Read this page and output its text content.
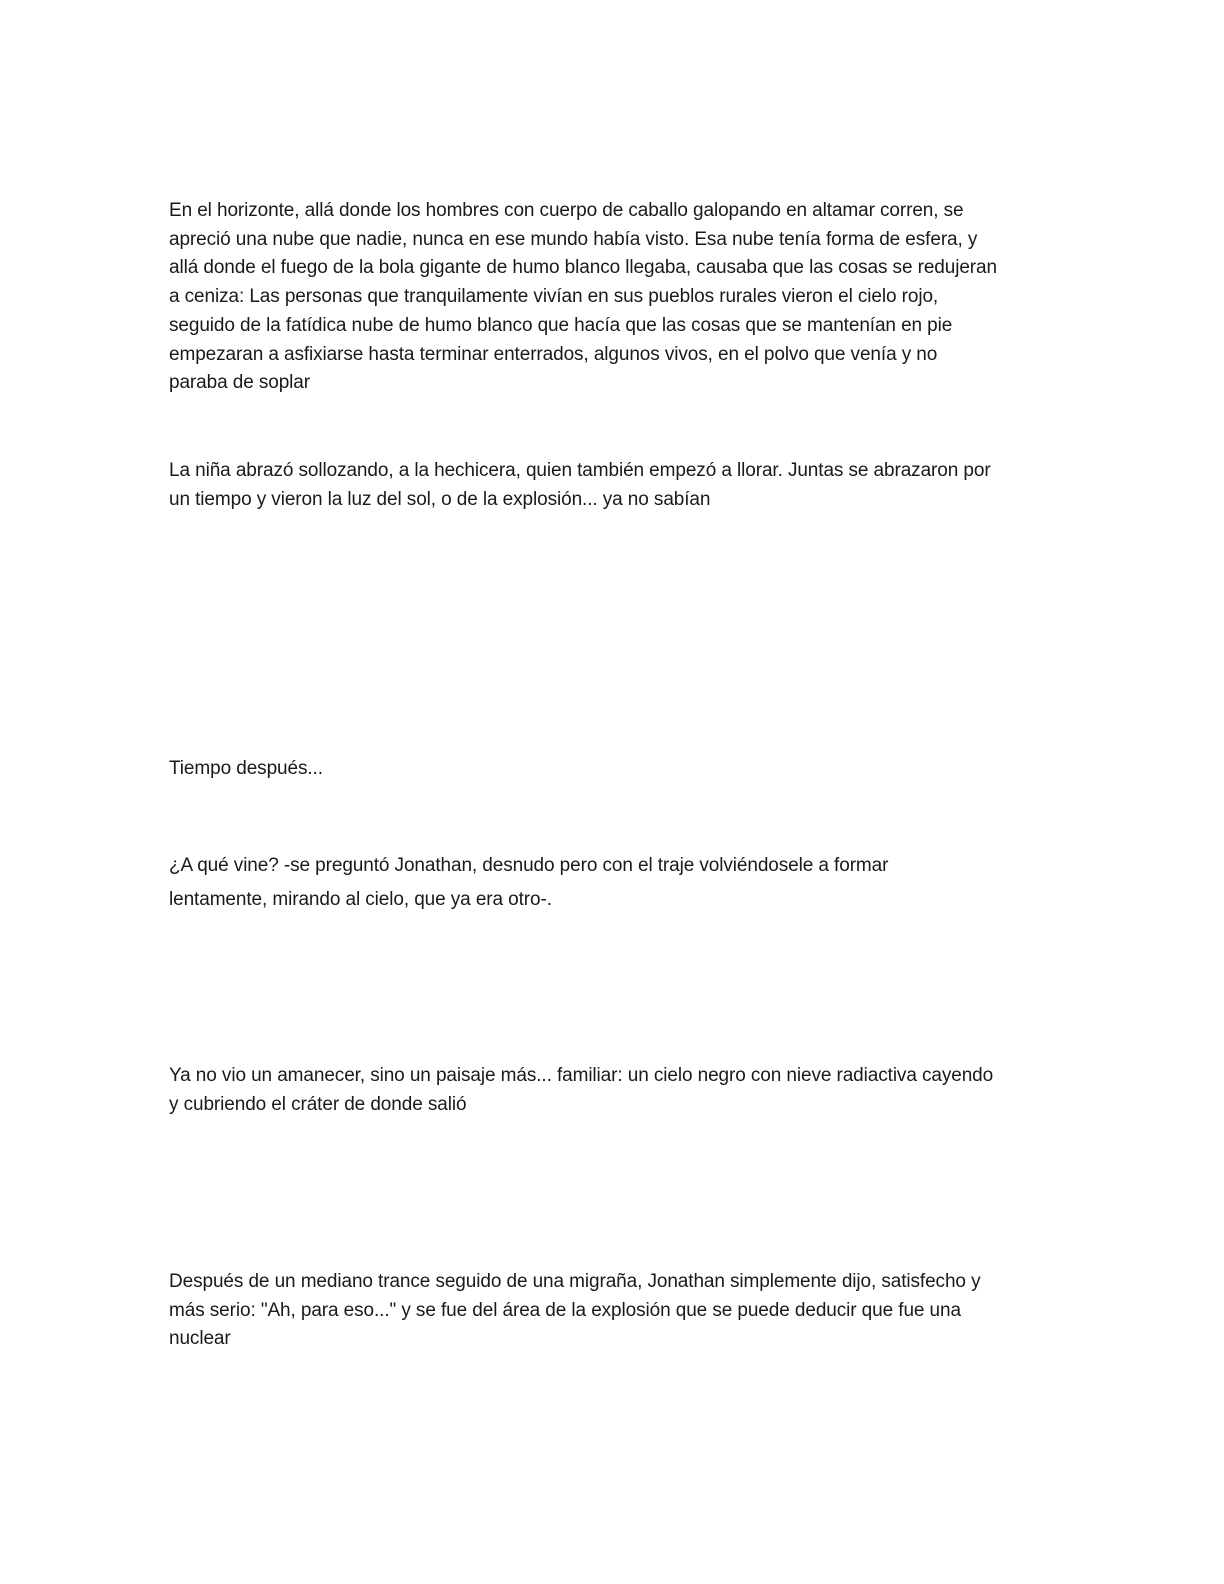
En el horizonte, allá donde los hombres con cuerpo de caballo galopando en altamar corren, se
apreció una nube que nadie, nunca en ese mundo había visto. Esa nube tenía forma de esfera, y
allá donde el fuego de la bola gigante de humo blanco llegaba, causaba que las cosas se redujeran
a ceniza: Las personas que tranquilamente vivían en sus pueblos rurales vieron el cielo rojo,
seguido de la fatídica nube de humo blanco que hacía que las cosas que se mantenían en pie
empezaran a asfixiarse hasta terminar enterrados, algunos vivos, en el polvo que venía y no
paraba de soplar

La niña abrazó sollozando, a la hechicera, quien también empezó a llorar. Juntas se abrazaron por
un tiempo y vieron la luz del sol, o de la explosión... ya no sabían

Tiempo después...

¿A qué vine? -se preguntó Jonathan, desnudo pero con el traje volviéndosele a formar
lentamente, mirando al cielo, que ya era otro-.

Ya no vio un amanecer, sino un paisaje más... familiar: un cielo negro con nieve radiactiva cayendo
y cubriendo el cráter de donde salió

Después de un mediano trance seguido de una migraña, Jonathan simplemente dijo, satisfecho y
más serio: "Ah, para eso..." y se fue del área de la explosión que se puede deducir que fue una
nuclear
